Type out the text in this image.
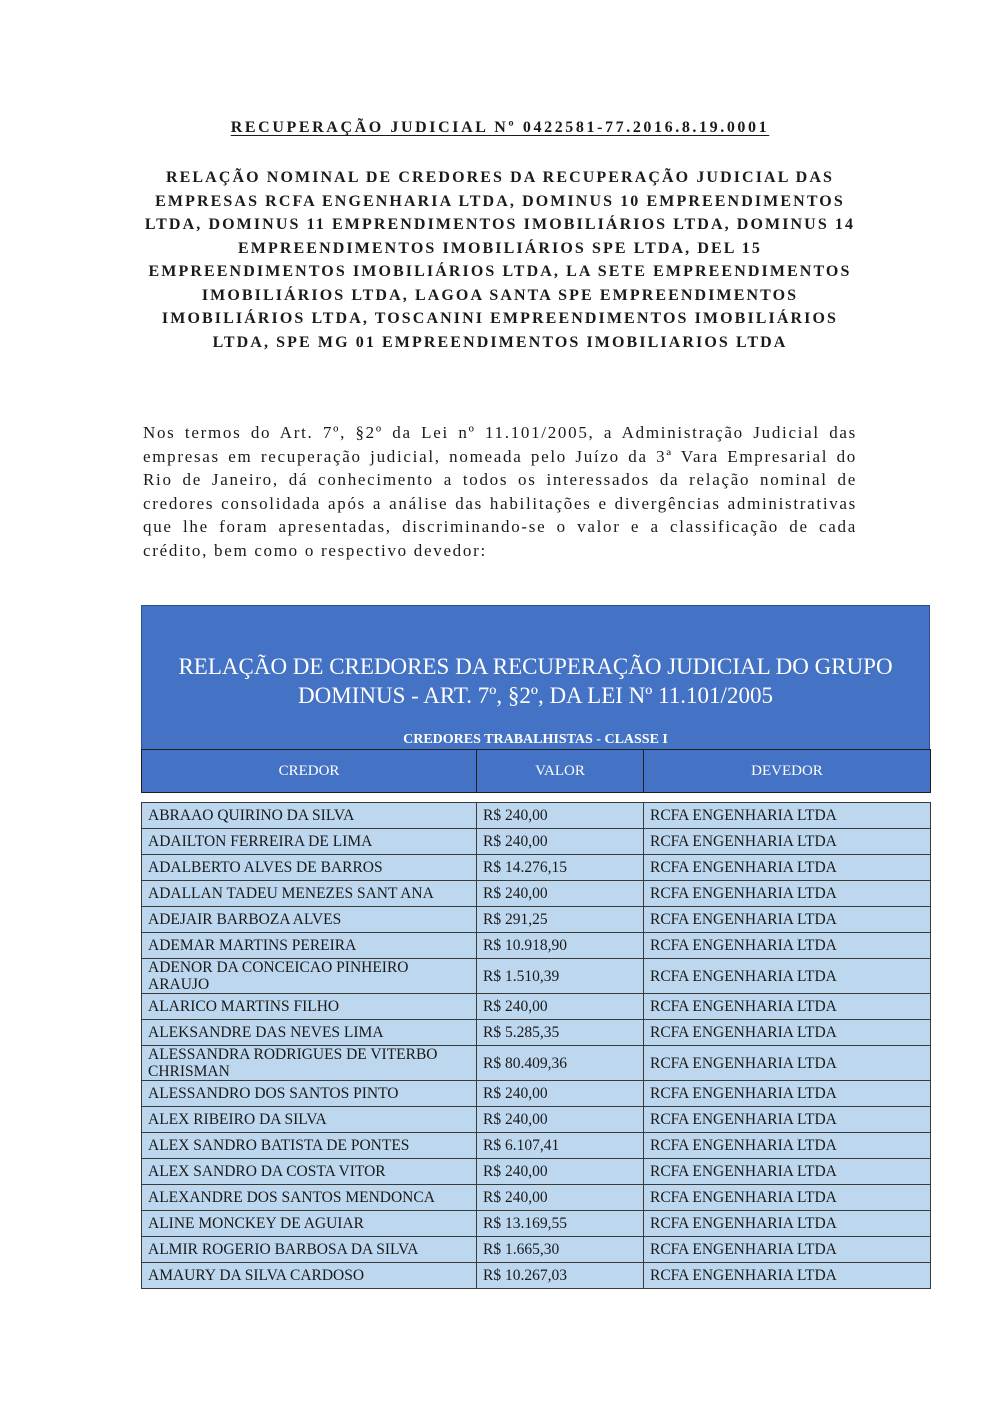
RECUPERAÇÃO JUDICIAL Nº 0422581-77.2016.8.19.0001
RELAÇÃO NOMINAL DE CREDORES DA RECUPERAÇÃO JUDICIAL DAS EMPRESAS RCFA ENGENHARIA LTDA, DOMINUS 10 EMPREENDIMENTOS LTDA, DOMINUS 11 EMPRENDIMENTOS IMOBILIÁRIOS LTDA, DOMINUS 14 EMPREENDIMENTOS IMOBILIÁRIOS SPE LTDA, DEL 15 EMPREENDIMENTOS IMOBILIÁRIOS LTDA, LA SETE EMPREENDIMENTOS IMOBILIÁRIOS LTDA, LAGOA SANTA SPE EMPREENDIMENTOS IMOBILIÁRIOS LTDA, TOSCANINI EMPREENDIMENTOS IMOBILIÁRIOS LTDA, SPE MG 01 EMPREENDIMENTOS IMOBILIARIOS LTDA

Nos termos do Art. 7º, §2º da Lei nº 11.101/2005, a Administração Judicial das empresas em recuperação judicial, nomeada pelo Juízo da 3ª Vara Empresarial do Rio de Janeiro, dá conhecimento a todos os interessados da relação nominal de credores consolidada após a análise das habilitações e divergências administrativas que lhe foram apresentadas, discriminando-se o valor e a classificação de cada crédito, bem como o respectivo devedor:

RELAÇÃO DE CREDORES DA RECUPERAÇÃO JUDICIAL DO GRUPO DOMINUS - ART. 7º, §2º, DA LEI Nº 11.101/2005
CREDORES TRABALHISTAS - CLASSE I
CREDOR	VALOR	DEVEDOR

ABRAAO QUIRINO DA SILVA	R$ 240,00	RCFA ENGENHARIA LTDA
ADAILTON FERREIRA DE LIMA	R$ 240,00	RCFA ENGENHARIA LTDA
ADALBERTO ALVES DE BARROS	R$ 14.276,15	RCFA ENGENHARIA LTDA
ADALLAN TADEU MENEZES SANT ANA	R$ 240,00	RCFA ENGENHARIA LTDA
ADEJAIR BARBOZA ALVES	R$ 291,25	RCFA ENGENHARIA LTDA
ADEMAR MARTINS PEREIRA	R$ 10.918,90	RCFA ENGENHARIA LTDA
ADENOR DA CONCEICAO PINHEIRO ARAUJO	R$ 1.510,39	RCFA ENGENHARIA LTDA
ALARICO MARTINS FILHO	R$ 240,00	RCFA ENGENHARIA LTDA
ALEKSANDRE DAS NEVES LIMA	R$ 5.285,35	RCFA ENGENHARIA LTDA
ALESSANDRA RODRIGUES DE VITERBO CHRISMAN	R$ 80.409,36	RCFA ENGENHARIA LTDA
ALESSANDRO DOS SANTOS PINTO	R$ 240,00	RCFA ENGENHARIA LTDA
ALEX RIBEIRO DA SILVA	R$ 240,00	RCFA ENGENHARIA LTDA
ALEX SANDRO BATISTA DE PONTES	R$ 6.107,41	RCFA ENGENHARIA LTDA
ALEX SANDRO DA COSTA VITOR	R$ 240,00	RCFA ENGENHARIA LTDA
ALEXANDRE DOS SANTOS MENDONCA	R$ 240,00	RCFA ENGENHARIA LTDA
ALINE MONCKEY DE AGUIAR	R$ 13.169,55	RCFA ENGENHARIA LTDA
ALMIR ROGERIO BARBOSA DA SILVA	R$ 1.665,30	RCFA ENGENHARIA LTDA
AMAURY DA SILVA CARDOSO	R$ 10.267,03	RCFA ENGENHARIA LTDA
